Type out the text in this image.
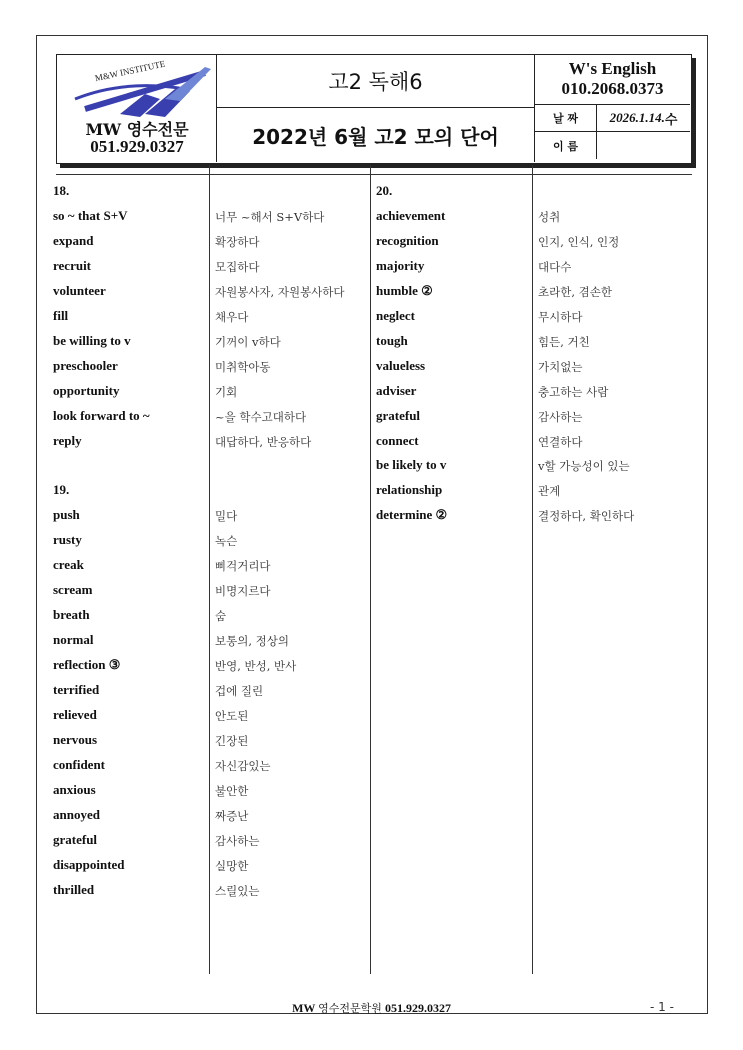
M&W INSTITUTE
MW 영수전문
051.929.0327
고2 독해6
2022년 6월 고2 모의 단어
W's English
010.2068.0373
날 짜	2026.1.14. 수
이 름
18.
so ~ that S+V	너무 ~해서 S+V하다
expand	확장하다
recruit	모집하다
volunteer	자원봉사자, 자원봉사하다
fill	채우다
be willing to v	기꺼이 v하다
preschooler	미취학아동
opportunity	기회
look forward to ~	~을 학수고대하다
reply	대답하다, 반응하다
19.
push	밀다
rusty	녹슨
creak	삐걱거리다
scream	비명지르다
breath	숨
normal	보통의, 정상의
reflection ③	반영, 반성, 반사
terrified	겁에 질린
relieved	안도된
nervous	긴장된
confident	자신감있는
anxious	불안한
annoyed	짜증난
grateful	감사하는
disappointed	실망한
thrilled	스릴있는
20.
achievement	성취
recognition	인지, 인식, 인정
majority	대다수
humble ②	초라한, 겸손한
neglect	무시하다
tough	힘든, 거친
valueless	가치없는
adviser	충고하는 사람
grateful	감사하는
connect	연결하다
be likely to v	v할 가능성이 있는
relationship	관계
determine ②	결정하다, 확인하다
MW 영수전문학원 051.929.0327	- 1 -
